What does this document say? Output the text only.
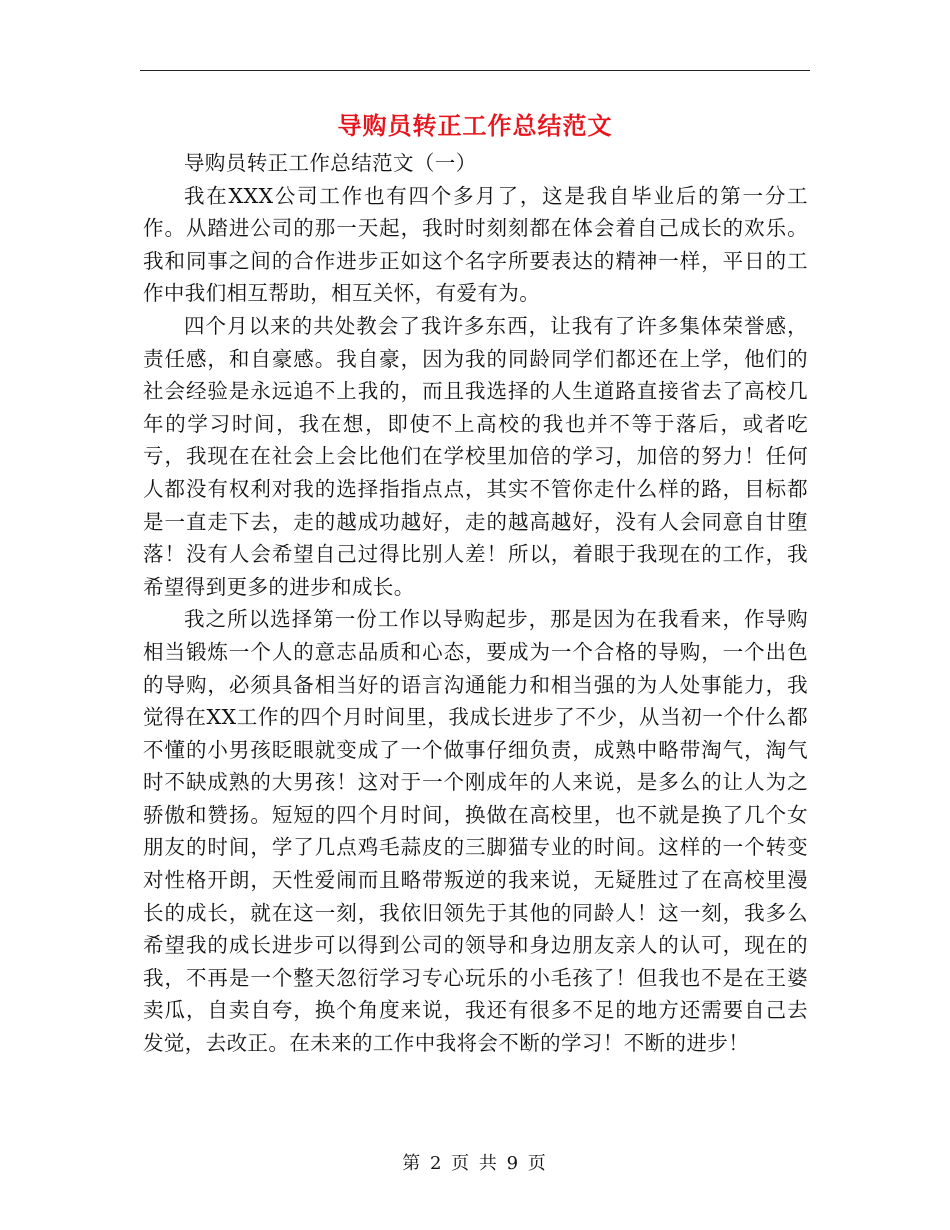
导购员转正工作总结范文

导购员转正工作总结范文（一）

我在XXX公司工作也有四个多月了，这是我自毕业后的第一分工作。从踏进公司的那一天起，我时时刻刻都在体会着自己成长的欢乐。我和同事之间的合作进步正如这个名字所要表达的精神一样，平日的工作中我们相互帮助，相互关怀，有爱有为。

四个月以来的共处教会了我许多东西，让我有了许多集体荣誉感，责任感，和自豪感。我自豪，因为我的同龄同学们都还在上学，他们的社会经验是永远追不上我的，而且我选择的人生道路直接省去了高校几年的学习时间，我在想，即使不上高校的我也并不等于落后，或者吃亏，我现在在社会上会比他们在学校里加倍的学习，加倍的努力！任何人都没有权利对我的选择指指点点，其实不管你走什么样的路，目标都是一直走下去，走的越成功越好，走的越高越好，没有人会同意自甘堕落！没有人会希望自己过得比别人差！所以，着眼于我现在的工作，我希望得到更多的进步和成长。

我之所以选择第一份工作以导购起步，那是因为在我看来，作导购相当锻炼一个人的意志品质和心态，要成为一个合格的导购，一个出色的导购，必须具备相当好的语言沟通能力和相当强的为人处事能力，我觉得在XX工作的四个月时间里，我成长进步了不少，从当初一个什么都不懂的小男孩眨眼就变成了一个做事仔细负责，成熟中略带淘气，淘气时不缺成熟的大男孩！这对于一个刚成年的人来说，是多么的让人为之骄傲和赞扬。短短的四个月时间，换做在高校里，也不就是换了几个女朋友的时间，学了几点鸡毛蒜皮的三脚猫专业的时间。这样的一个转变对性格开朗，天性爱闹而且略带叛逆的我来说，无疑胜过了在高校里漫长的成长，就在这一刻，我依旧领先于其他的同龄人！这一刻，我多么希望我的成长进步可以得到公司的领导和身边朋友亲人的认可，现在的我，不再是一个整天忽衍学习专心玩乐的小毛孩了！但我也不是在王婆卖瓜，自卖自夸，换个角度来说，我还有很多不足的地方还需要自己去发觉，去改正。在未来的工作中我将会不断的学习！不断的进步！

第 2 页 共 9 页
